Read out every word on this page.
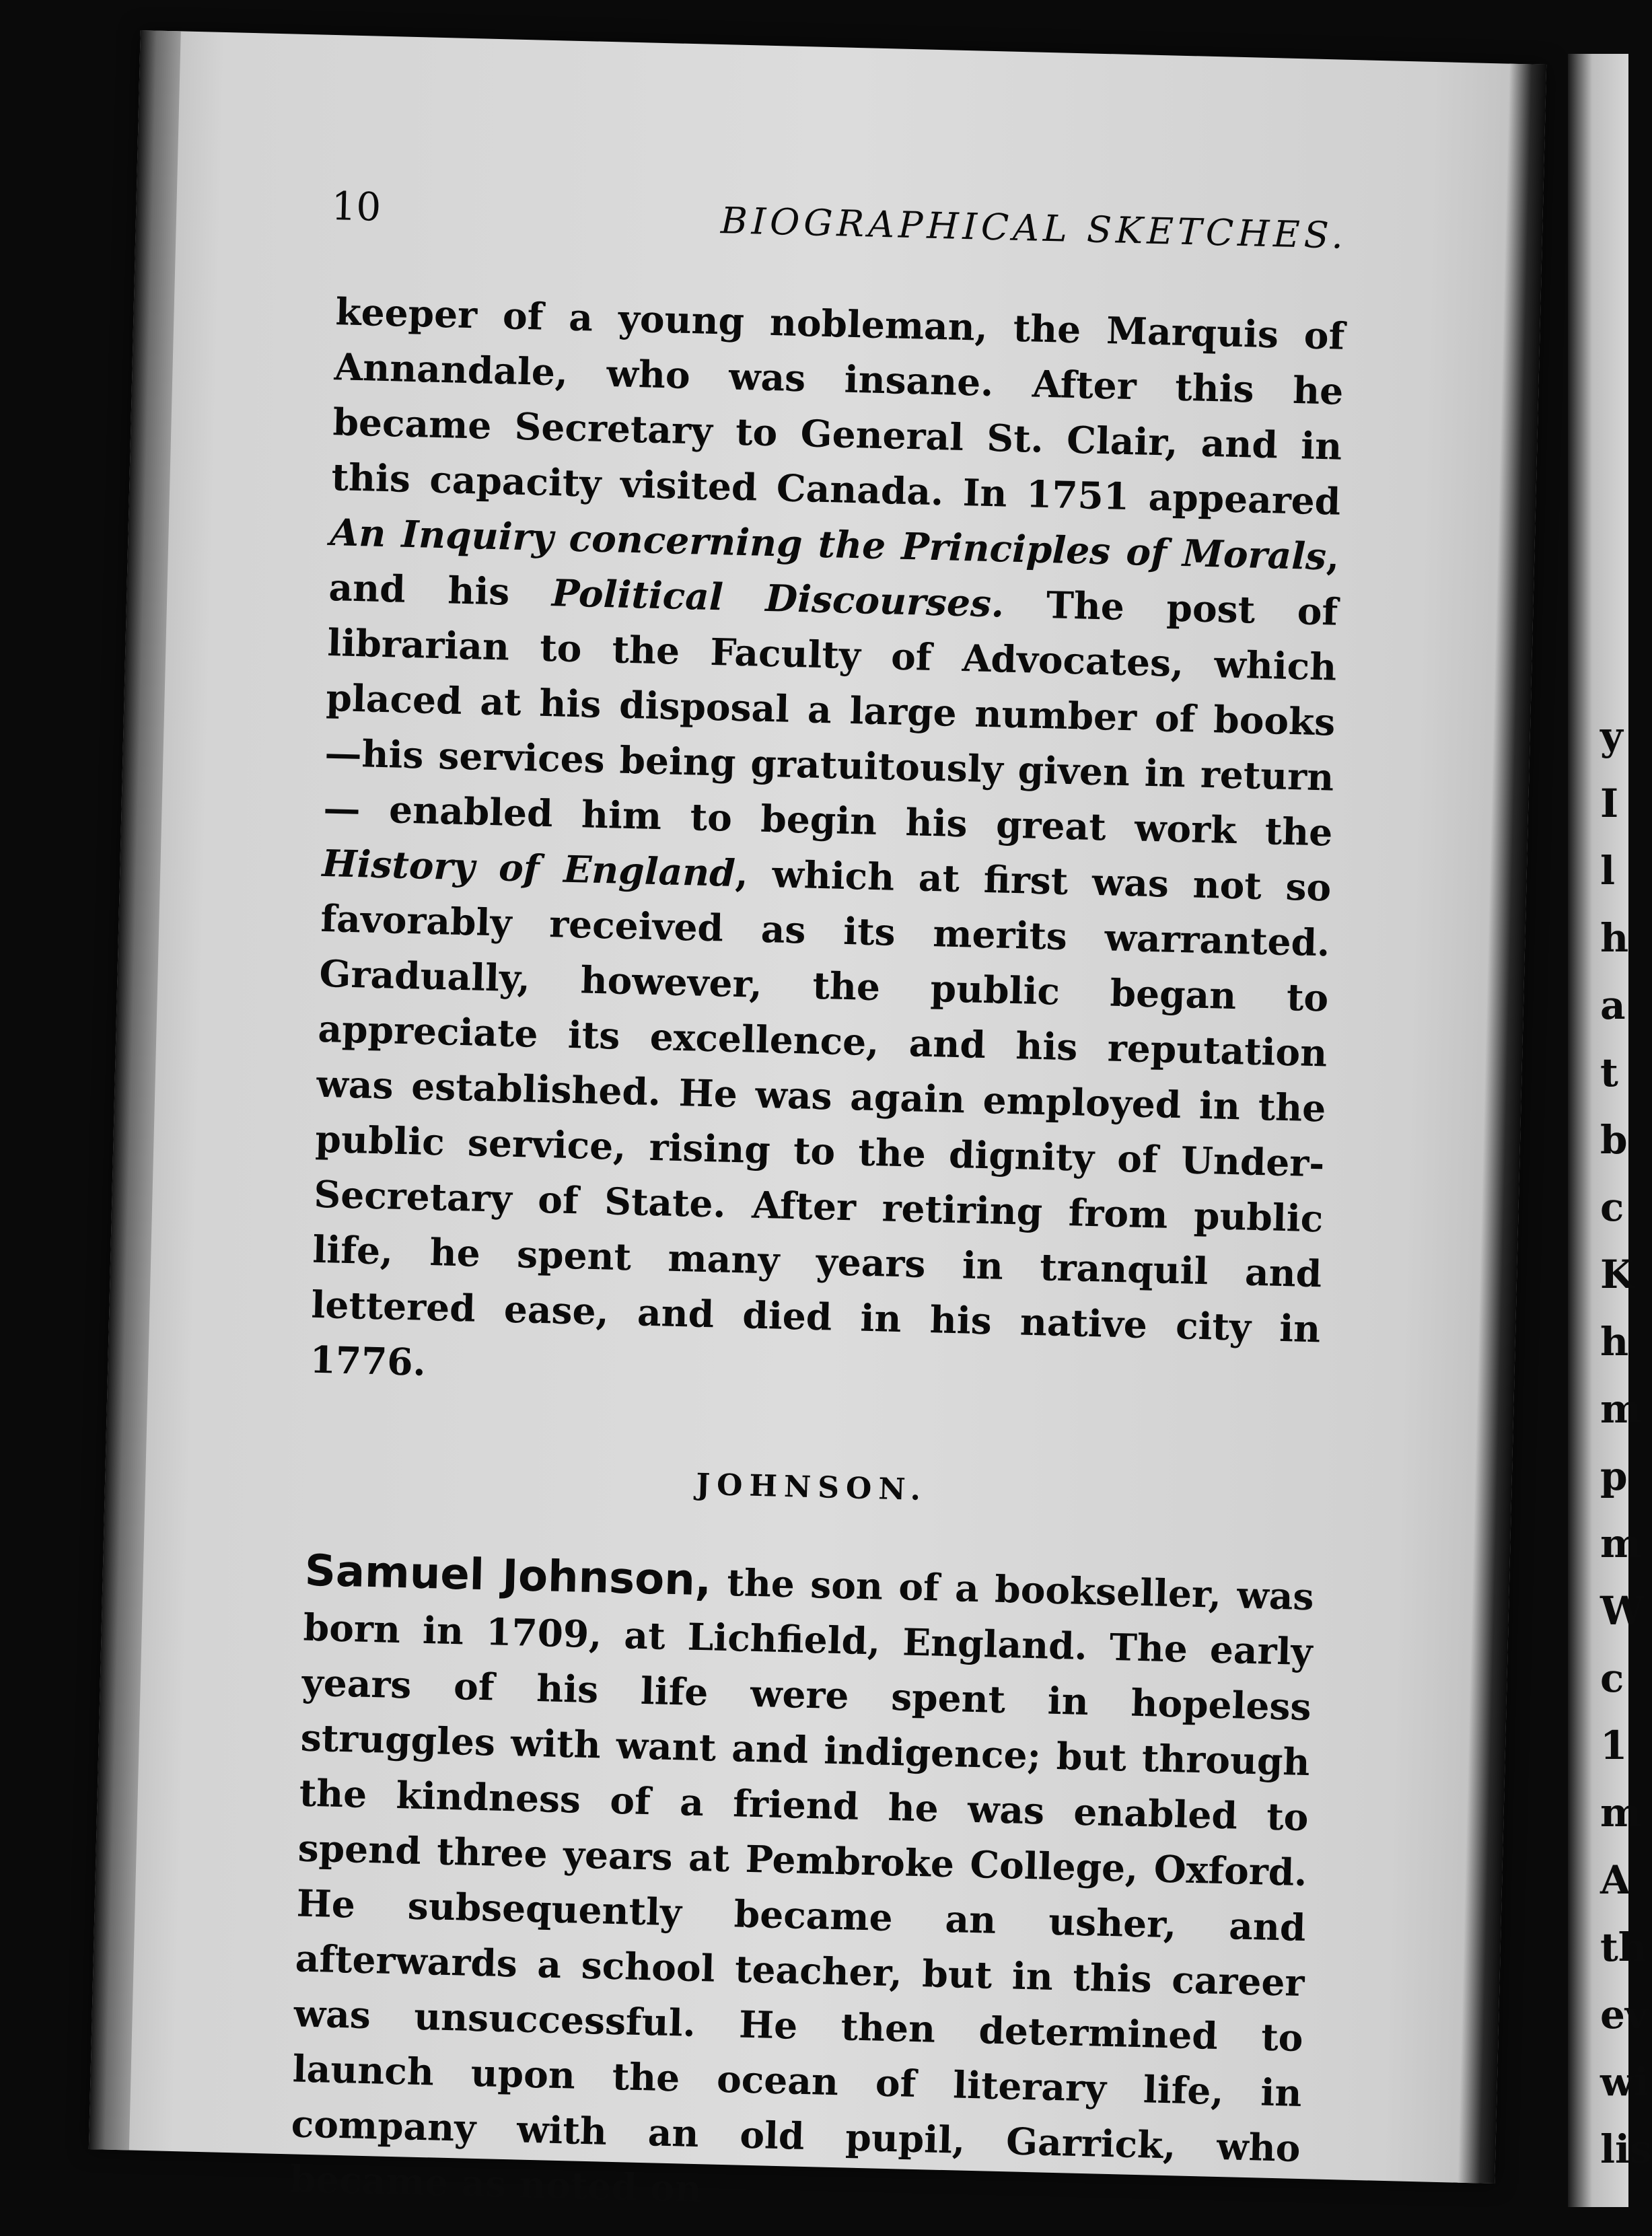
10	BIOGRAPHICAL SKETCHES.

keeper of a young nobleman, the Marquis of Annandale, who was insane. After this he became Secretary to General St. Clair, and in this capacity visited Canada. In 1751 appeared An Inquiry concerning the Principles of Morals, and his Political Discourses. The post of librarian to the Faculty of Advocates, which placed at his disposal a large number of books —his services being gratuitously given in return— enabled him to begin his great work the History of England, which at first was not so favorably received as its merits warranted. Gradually, however, the public began to appreciate its excellence, and his reputation was established. He was again employed in the public service, rising to the dignity of Under-Secretary of State. After retiring from public life, he spent many years in tranquil and lettered ease, and died in his native city in 1776.

JOHNSON.

Samuel Johnson, the son of a bookseller, was born in 1709, at Lichfield, England. The early years of his life were spent in hopeless struggles with want and indigence; but through the kindness of a friend he was enabled to spend three years at Pembroke College, Oxford. He subsequently became an usher, and afterwards a school teacher, but in this career was unsuccessful. He then determined to launch upon the ocean of literary life, in company with an old pupil, Garrick, who became as noted on

y
I
l
h
a
t
b
c
K
h
m
p
m
W
c
1
m
A
th
ev
wi
lis
